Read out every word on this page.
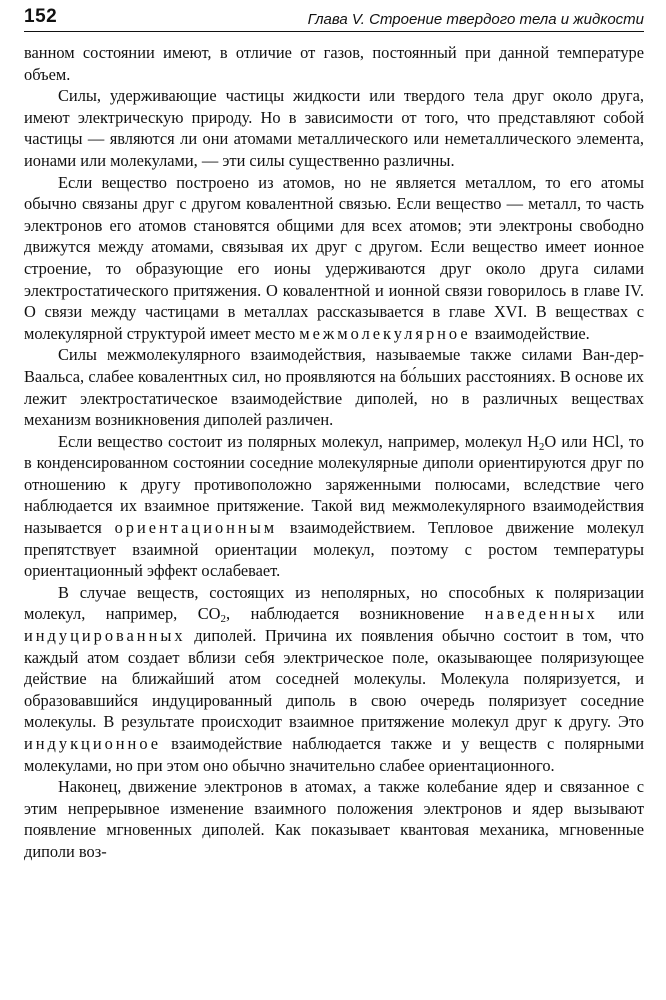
152	Глава V. Строение твердого тела и жидкости

ванном состоянии имеют, в отличие от газов, постоянный при данной температуре объем.

Силы, удерживающие частицы жидкости или твердого тела друг около друга, имеют электрическую природу. Но в зависимости от того, что представляют собой частицы — являются ли они атомами металлического или неметаллического элемента, ионами или молекулами, — эти силы существенно различны.

Если вещество построено из атомов, но не является металлом, то его атомы обычно связаны друг с другом ковалентной связью. Если вещество — металл, то часть электронов его атомов становятся общими для всех атомов; эти электроны свободно движутся между атомами, связывая их друг с другом. Если вещество имеет ионное строение, то образующие его ионы удерживаются друг около друга силами электростатического притяжения. О ковалентной и ионной связи говорилось в главе IV. О связи между частицами в металлах рассказывается в главе XVI. В веществах с молекулярной структурой имеет место межмолекулярное взаимодействие.

Силы межмолекулярного взаимодействия, называемые также силами Ван-дер-Ваальса, слабее ковалентных сил, но проявляются на бо́льших расстояниях. В основе их лежит электростатическое взаимодействие диполей, но в различных веществах механизм возникновения диполей различен.

Если вещество состоит из полярных молекул, например, молекул $H_2O$ или HCl, то в конденсированном состоянии соседние молекулярные диполи ориентируются друг по отношению к другу противоположно заряженными полюсами, вследствие чего наблюдается их взаимное притяжение. Такой вид межмолекулярного взаимодействия называется ориентационным взаимодействием. Тепловое движение молекул препятствует взаимной ориентации молекул, поэтому с ростом температуры ориентационный эффект ослабевает.

В случае веществ, состоящих из неполярных, но способных к поляризации молекул, например, $CO_2$, наблюдается возникновение наведенных или индуцированных диполей. Причина их появления обычно состоит в том, что каждый атом создает вблизи себя электрическое поле, оказывающее поляризующее действие на ближайший атом соседней молекулы. Молекула поляризуется, и образовавшийся индуцированный диполь в свою очередь поляризует соседние молекулы. В результате происходит взаимное притяжение молекул друг к другу. Это индукционное взаимодействие наблюдается также и у веществ с полярными молекулами, но при этом оно обычно значительно слабее ориентационного.

Наконец, движение электронов в атомах, а также колебание ядер и связанное с этим непрерывное изменение взаимного положения электронов и ядер вызывают появление мгновенных диполей. Как показывает квантовая механика, мгновенные диполи воз-
